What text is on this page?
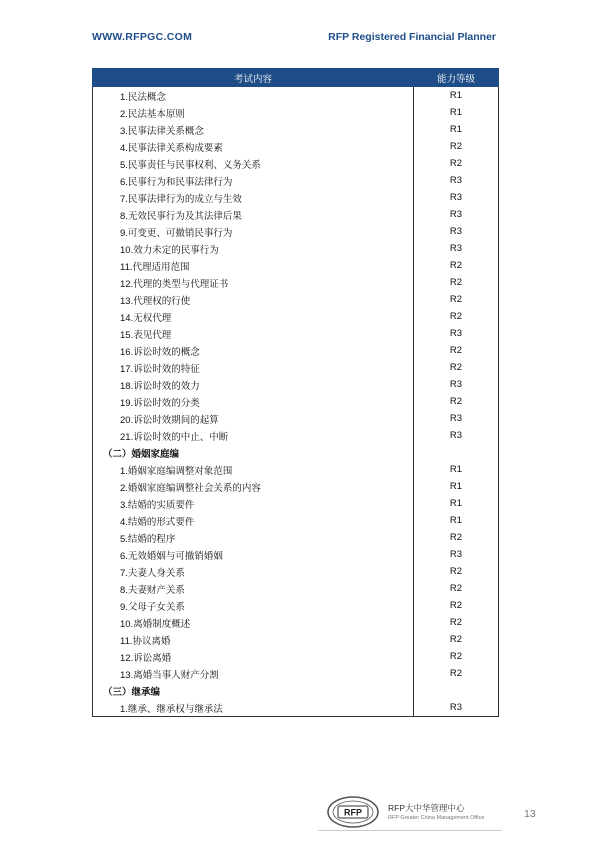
WWW.RFPGC.COM	RFP Registered Financial Planner
考试内容	能力等级
1.民法概念	R1
2.民法基本原则	R1
3.民事法律关系概念	R1
4.民事法律关系构成要素	R2
5.民事责任与民事权利、义务关系	R2
6.民事行为和民事法律行为	R3
7.民事法律行为的成立与生效	R3
8.无效民事行为及其法律后果	R3
9.可变更、可撤销民事行为	R3
10.效力未定的民事行为	R3
11.代理适用范围	R2
12.代理的类型与代理证书	R2
13.代理权的行使	R2
14.无权代理	R2
15.表见代理	R3
16.诉讼时效的概念	R2
17.诉讼时效的特征	R2
18.诉讼时效的效力	R3
19.诉讼时效的分类	R2
20.诉讼时效期间的起算	R3
21.诉讼时效的中止、中断	R3
（二）婚姻家庭编	
1.婚姻家庭编调整对象范围	R1
2.婚姻家庭编调整社会关系的内容	R1
3.结婚的实质要件	R1
4.结婚的形式要件	R1
5.结婚的程序	R2
6.无效婚姻与可撤销婚姻	R3
7.夫妻人身关系	R2
8.夫妻财产关系	R2
9.父母子女关系	R2
10.离婚制度概述	R2
11.协议离婚	R2
12.诉讼离婚	R2
13.离婚当事人财产分割	R2
（三）继承编	
1.继承、继承权与继承法	R3
RFP	RFP大中华管理中心
RFP Greater China Management Office	13
